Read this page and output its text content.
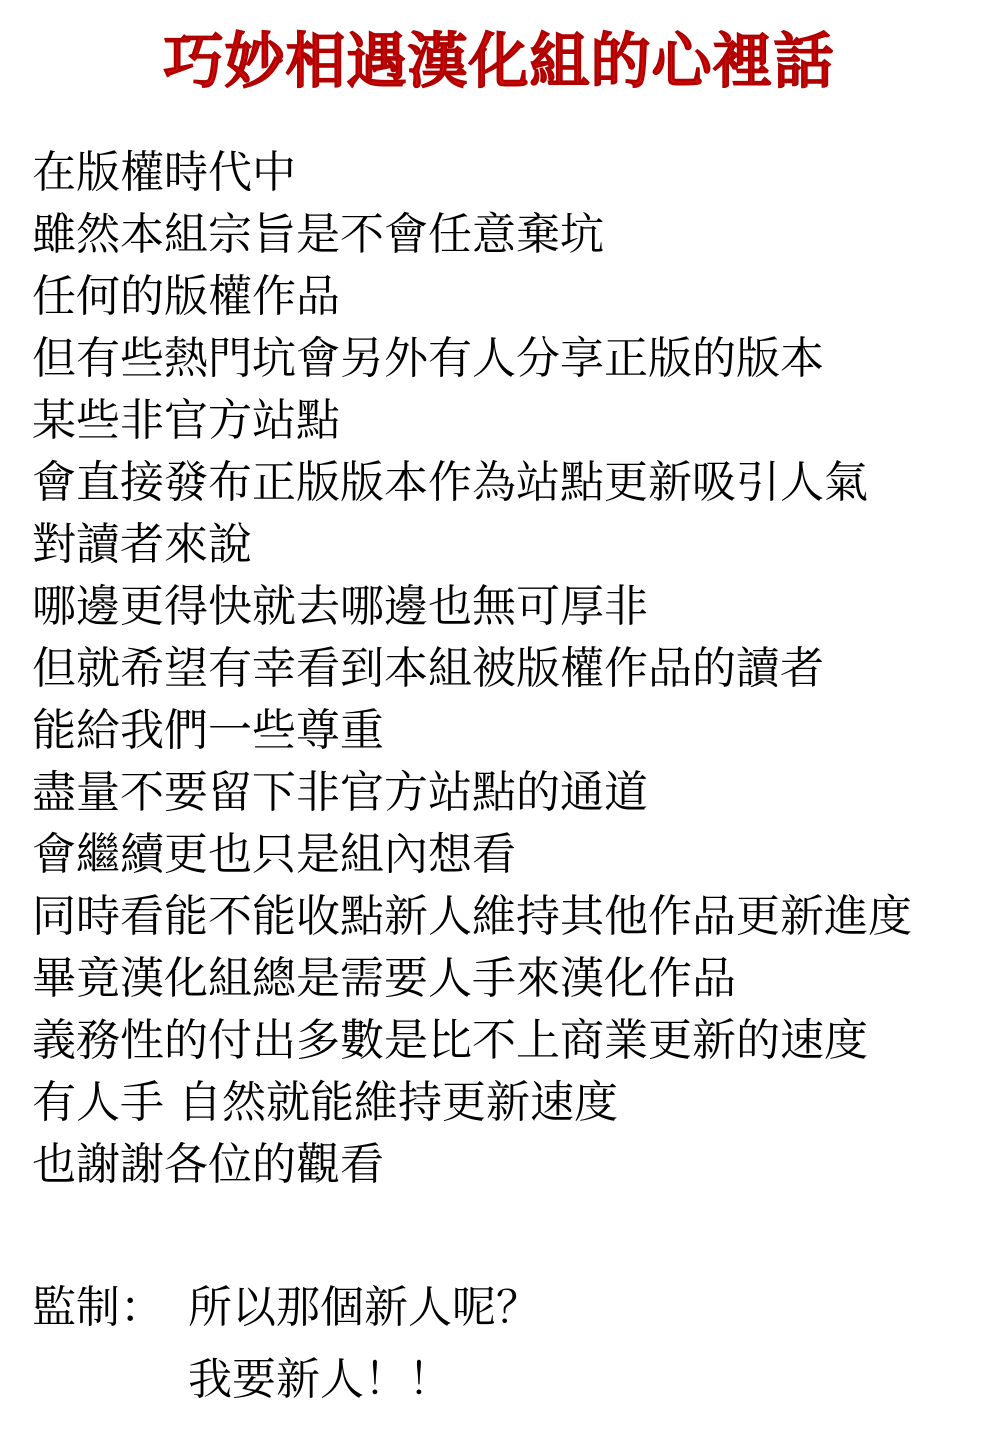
巧妙相遇漢化組的心裡話
在版權時代中
雖然本組宗旨是不會任意棄坑
任何的版權作品
但有些熱門坑會另外有人分享正版的版本
某些非官方站點
會直接發布正版版本作為站點更新吸引人氣
對讀者來說
哪邊更得快就去哪邊也無可厚非
但就希望有幸看到本組被版權作品的讀者
能給我們一些尊重
盡量不要留下非官方站點的通道
會繼續更也只是組內想看
同時看能不能收點新人維持其他作品更新進度
畢竟漢化組總是需要人手來漢化作品
義務性的付出多數是比不上商業更新的速度
有人手 自然就能維持更新速度
也謝謝各位的觀看
監制： 所以那個新人呢？
我要新人！！
